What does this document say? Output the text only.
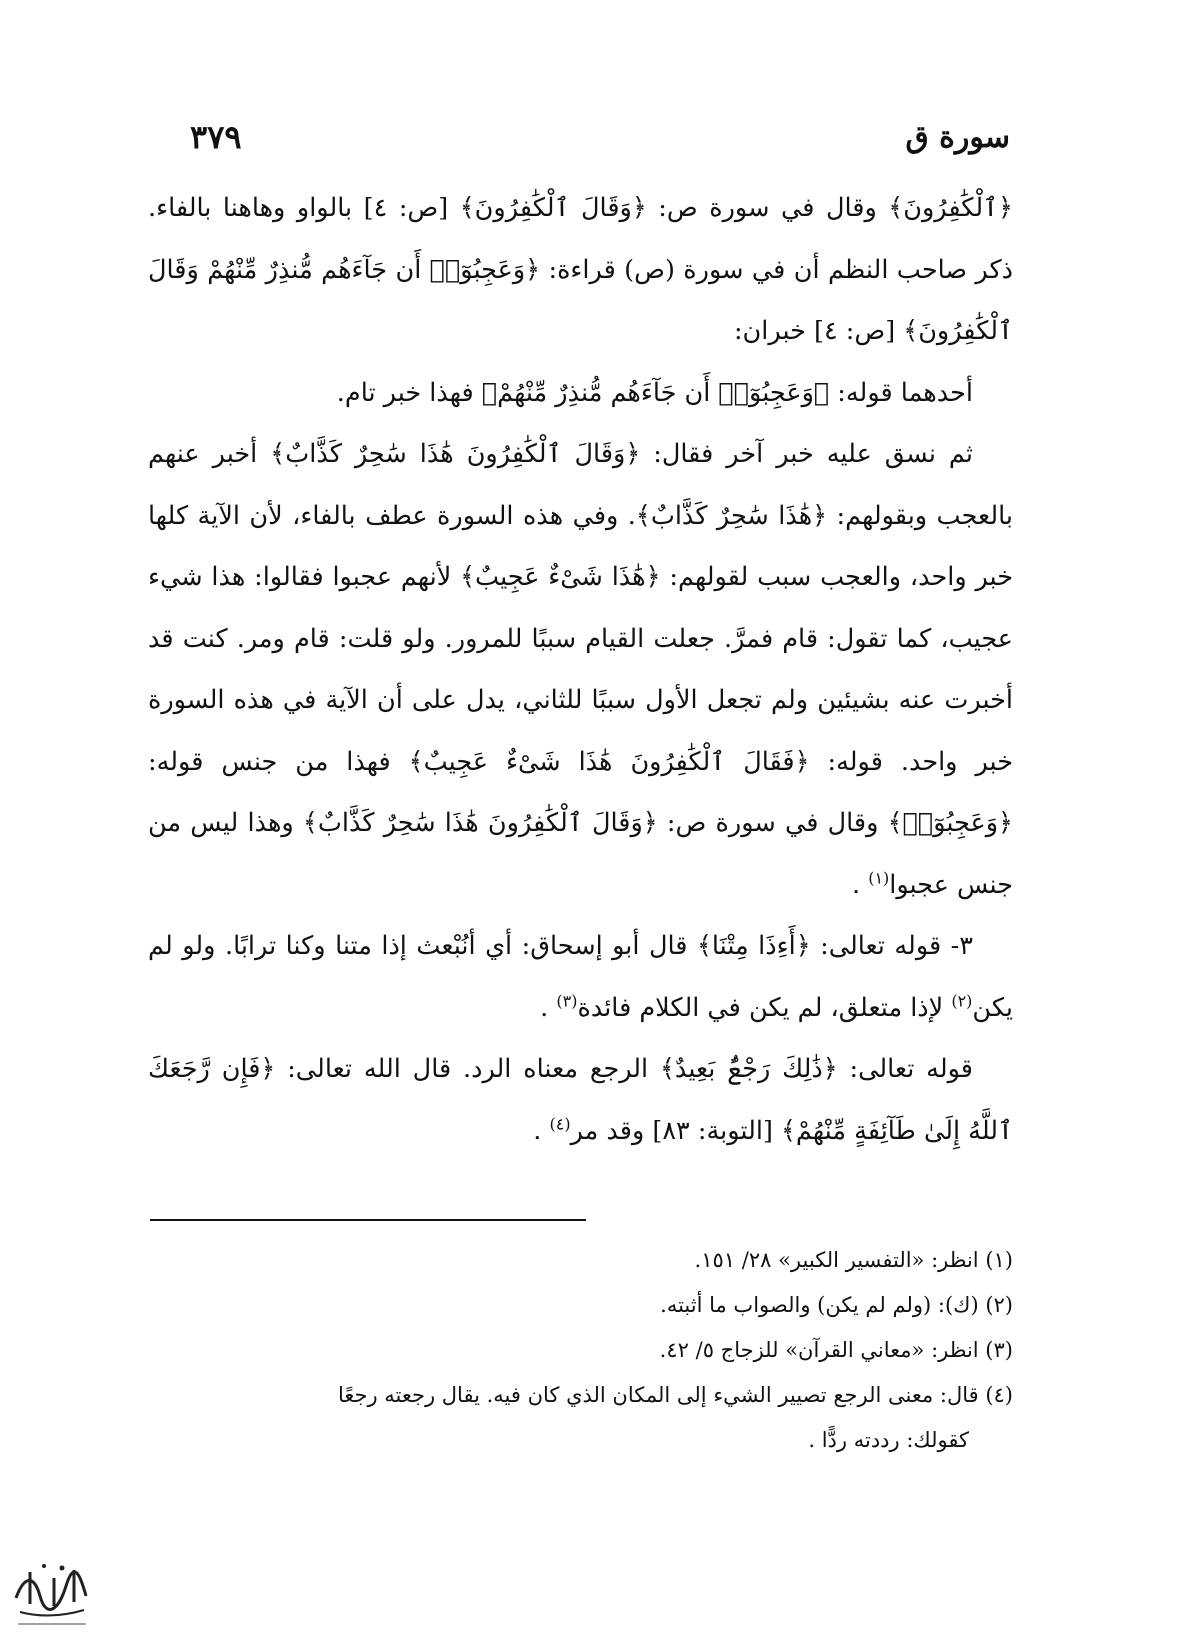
سورة ق
٣٧٩

﴿ٱلْكَٰفِرُونَ﴾ وقال في سورة ص: ﴿وَقَالَ ٱلْكَٰفِرُونَ﴾ [ص: ٤] بالواو وهاهنا بالفاء. ذكر صاحب النظم أن في سورة (ص) قراءة: ﴿وَعَجِبُوٓا۟ أَن جَآءَهُم مُّنذِرٌ مِّنْهُمْ وَقَالَ ٱلْكَٰفِرُونَ﴾ [ص: ٤] خبران:

أحدهما قوله: ﴿وَعَجِبُوٓا۟ أَن جَآءَهُم مُّنذِرٌ مِّنْهُمْ﴾ فهذا خبر تام.

ثم نسق عليه خبر آخر فقال: ﴿وَقَالَ ٱلْكَٰفِرُونَ هَٰذَا سَٰحِرٌ كَذَّابٌ﴾ أخبر عنهم بالعجب وبقولهم: ﴿هَٰذَا سَٰحِرٌ كَذَّابٌ﴾. وفي هذه السورة عطف بالفاء، لأن الآية كلها خبر واحد، والعجب سبب لقولهم: ﴿هَٰذَا شَىْءٌ عَجِيبٌ﴾ لأنهم عجبوا فقالوا: هذا شيء عجيب، كما تقول: قام فمرَّ. جعلت القيام سببًا للمرور. ولو قلت: قام ومر. كنت قد أخبرت عنه بشيئين ولم تجعل الأول سببًا للثاني، يدل على أن الآية في هذه السورة خبر واحد. قوله: ﴿فَقَالَ ٱلْكَٰفِرُونَ هَٰذَا شَىْءٌ عَجِيبٌ﴾ فهذا من جنس قوله: ﴿وَعَجِبُوٓا۟﴾ وقال في سورة ص: ﴿وَقَالَ ٱلْكَٰفِرُونَ هَٰذَا سَٰحِرٌ كَذَّابٌ﴾ وهذا ليس من جنس عجبوا$^{(١)}$ .

٣- قوله تعالى: ﴿أَءِذَا مِتْنَا﴾ قال أبو إسحاق: أي أنُبْعث إذا متنا وكنا ترابًا. ولو لم يكن$^{(٢)}$ لإذا متعلق، لم يكن في الكلام فائدة$^{(٣)}$ .

قوله تعالى: ﴿ذَٰلِكَ رَجْعٌۢ بَعِيدٌ﴾ الرجع معناه الرد. قال الله تعالى: ﴿فَإِن رَّجَعَكَ ٱللَّهُ إِلَىٰ طَآئِفَةٍ مِّنْهُمْ﴾ [التوبة: ٨٣] وقد مر$^{(٤)}$ .

(١) انظر: «التفسير الكبير» ٢٨/ ١٥١.

(٢) (ك): (ولم لم يكن) والصواب ما أثبته.

(٣) انظر: «معاني القرآن» للزجاج ٥/ ٤٢.

(٤) قال: معنى الرجع تصيير الشيء إلى المكان الذي كان فيه. يقال رجعته رجعًا

كقولك: رددته ردًّا .
